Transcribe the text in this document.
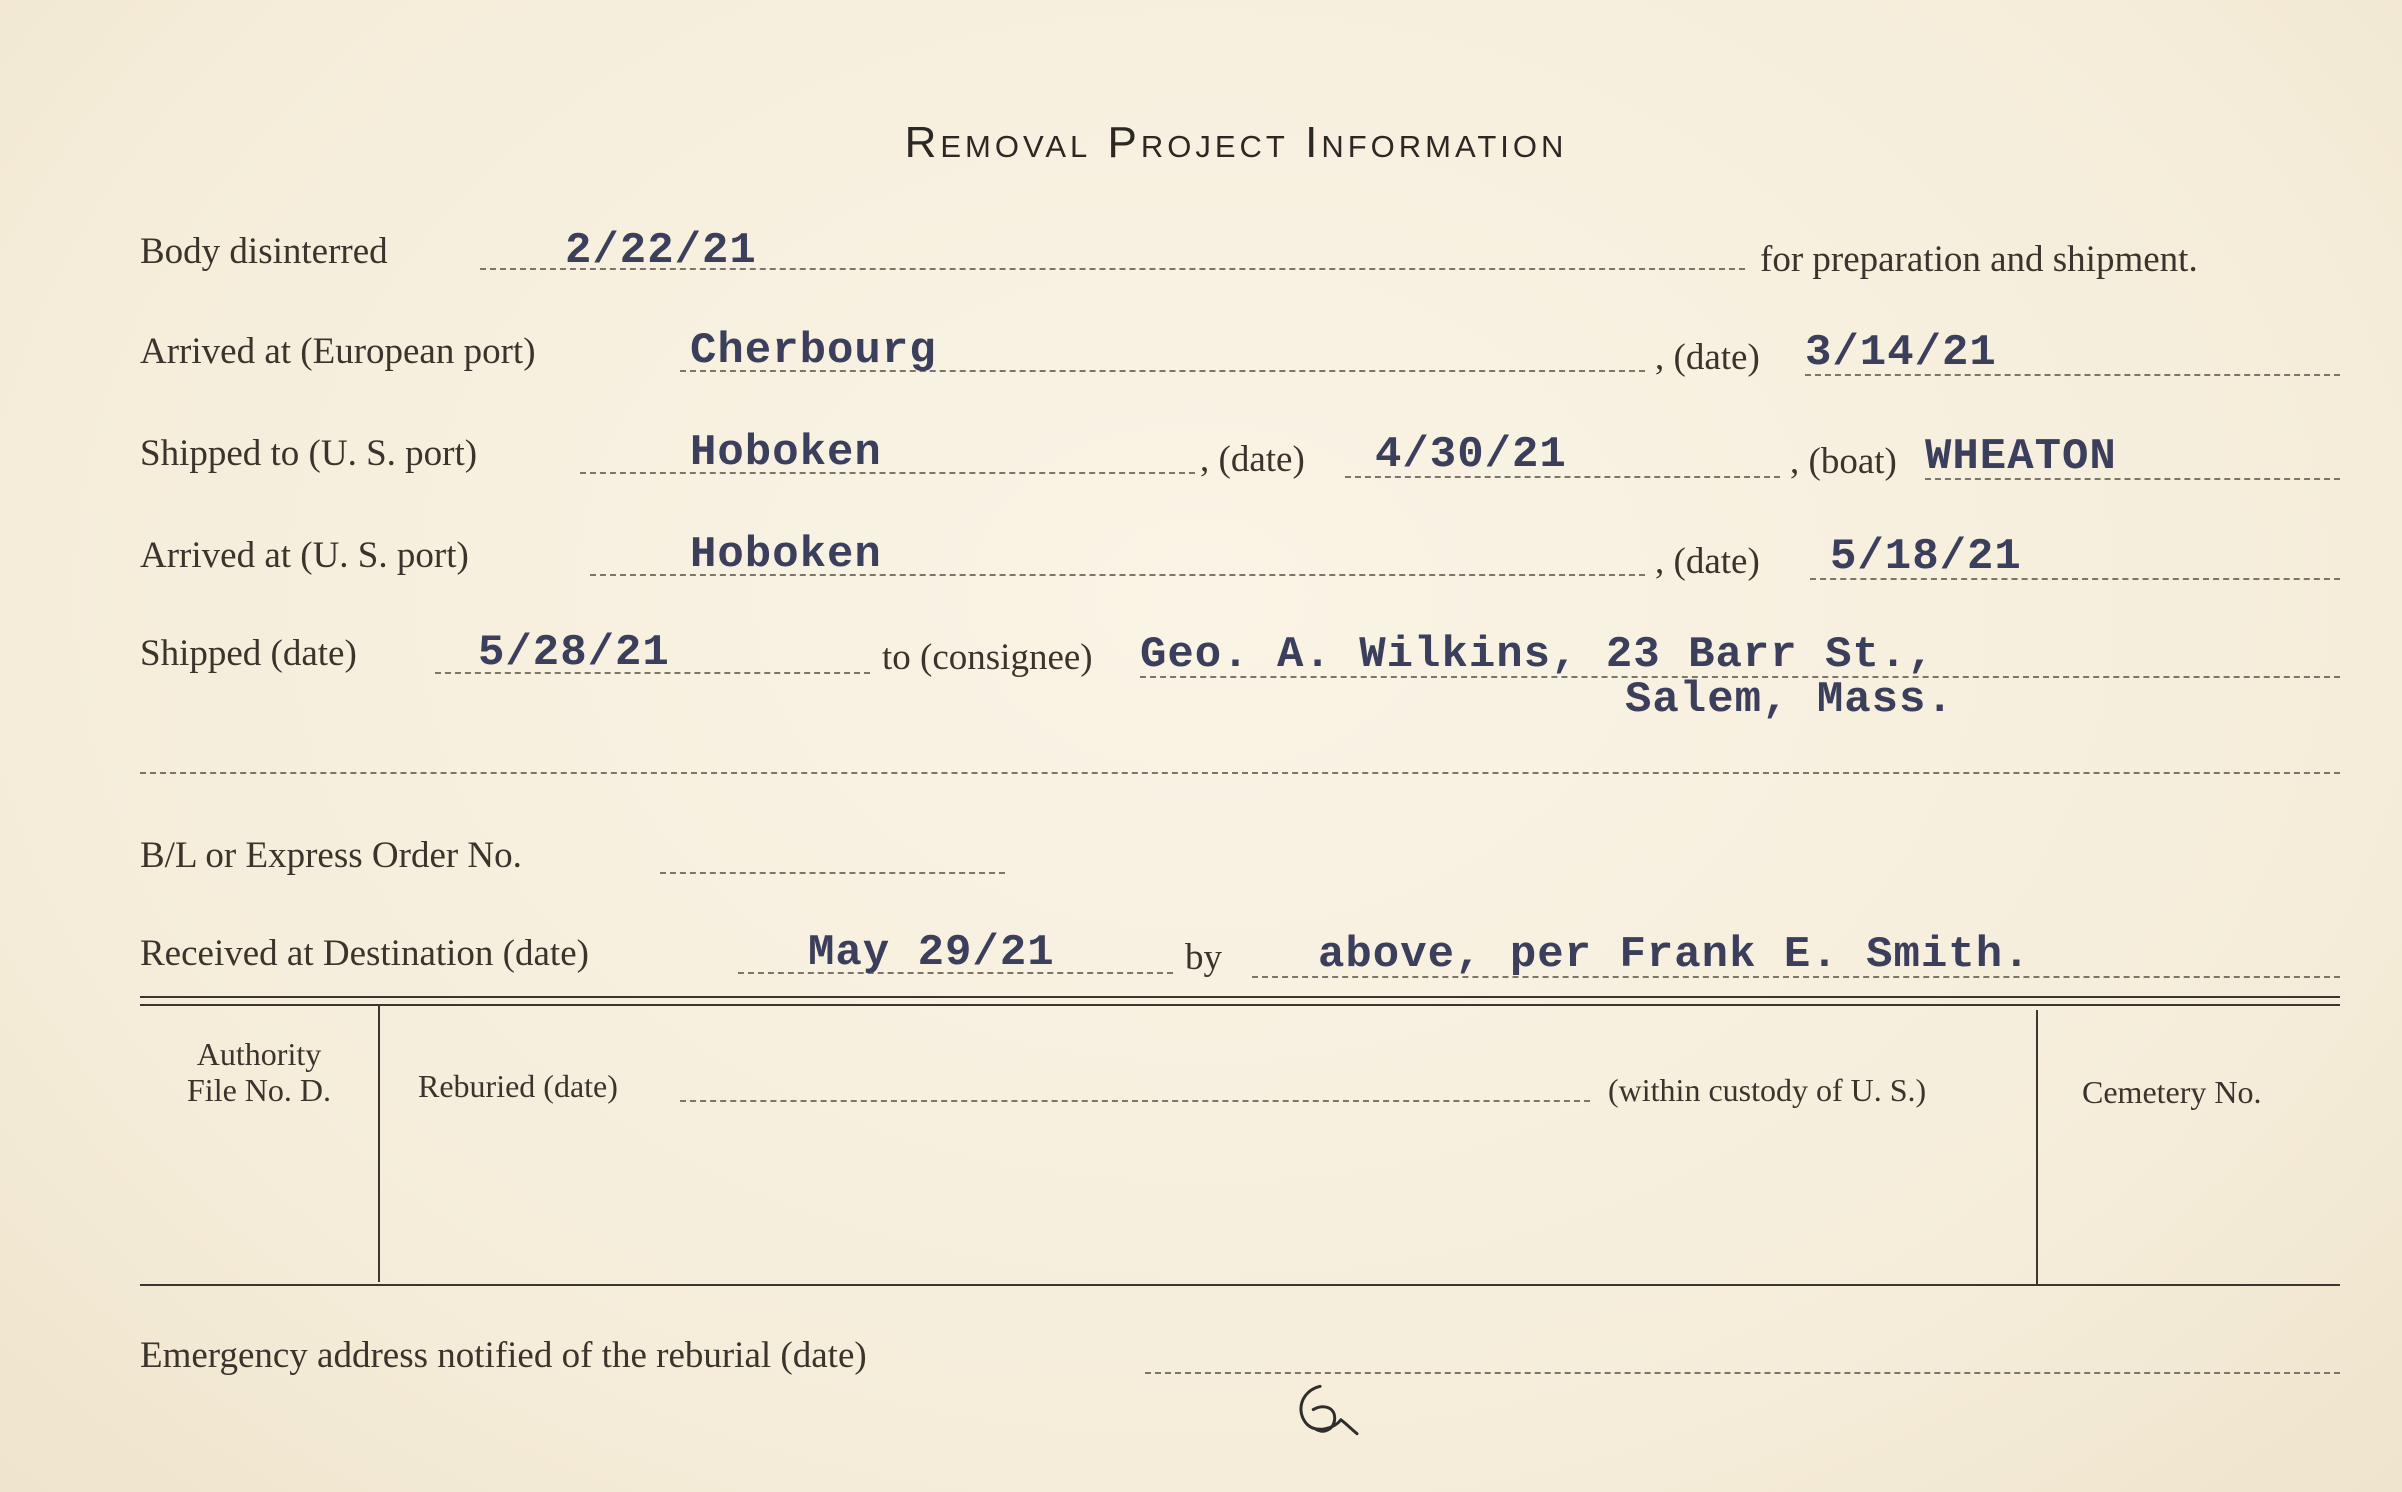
Removal Project Information
Body disinterred	2/22/21	for preparation and shipment.
Arrived at (European port)	Cherbourg	, (date) 3/14/21
Shipped to (U. S. port)	Hoboken	, (date) 4/30/21	, (boat) WHEATON
Arrived at (U. S. port)	Hoboken	, (date) 5/18/21
Shipped (date)	5/28/21	to (consignee) Geo. A. Wilkins, 23 Barr St.,
Salem, Mass.
B/L or Express Order No.
Received at Destination (date)	May 29/21	by above, per Frank E. Smith.
Authority
File No. D.	Reburied (date)	(within custody of U. S.)	Cemetery No.
Emergency address notified of the reburial (date)
